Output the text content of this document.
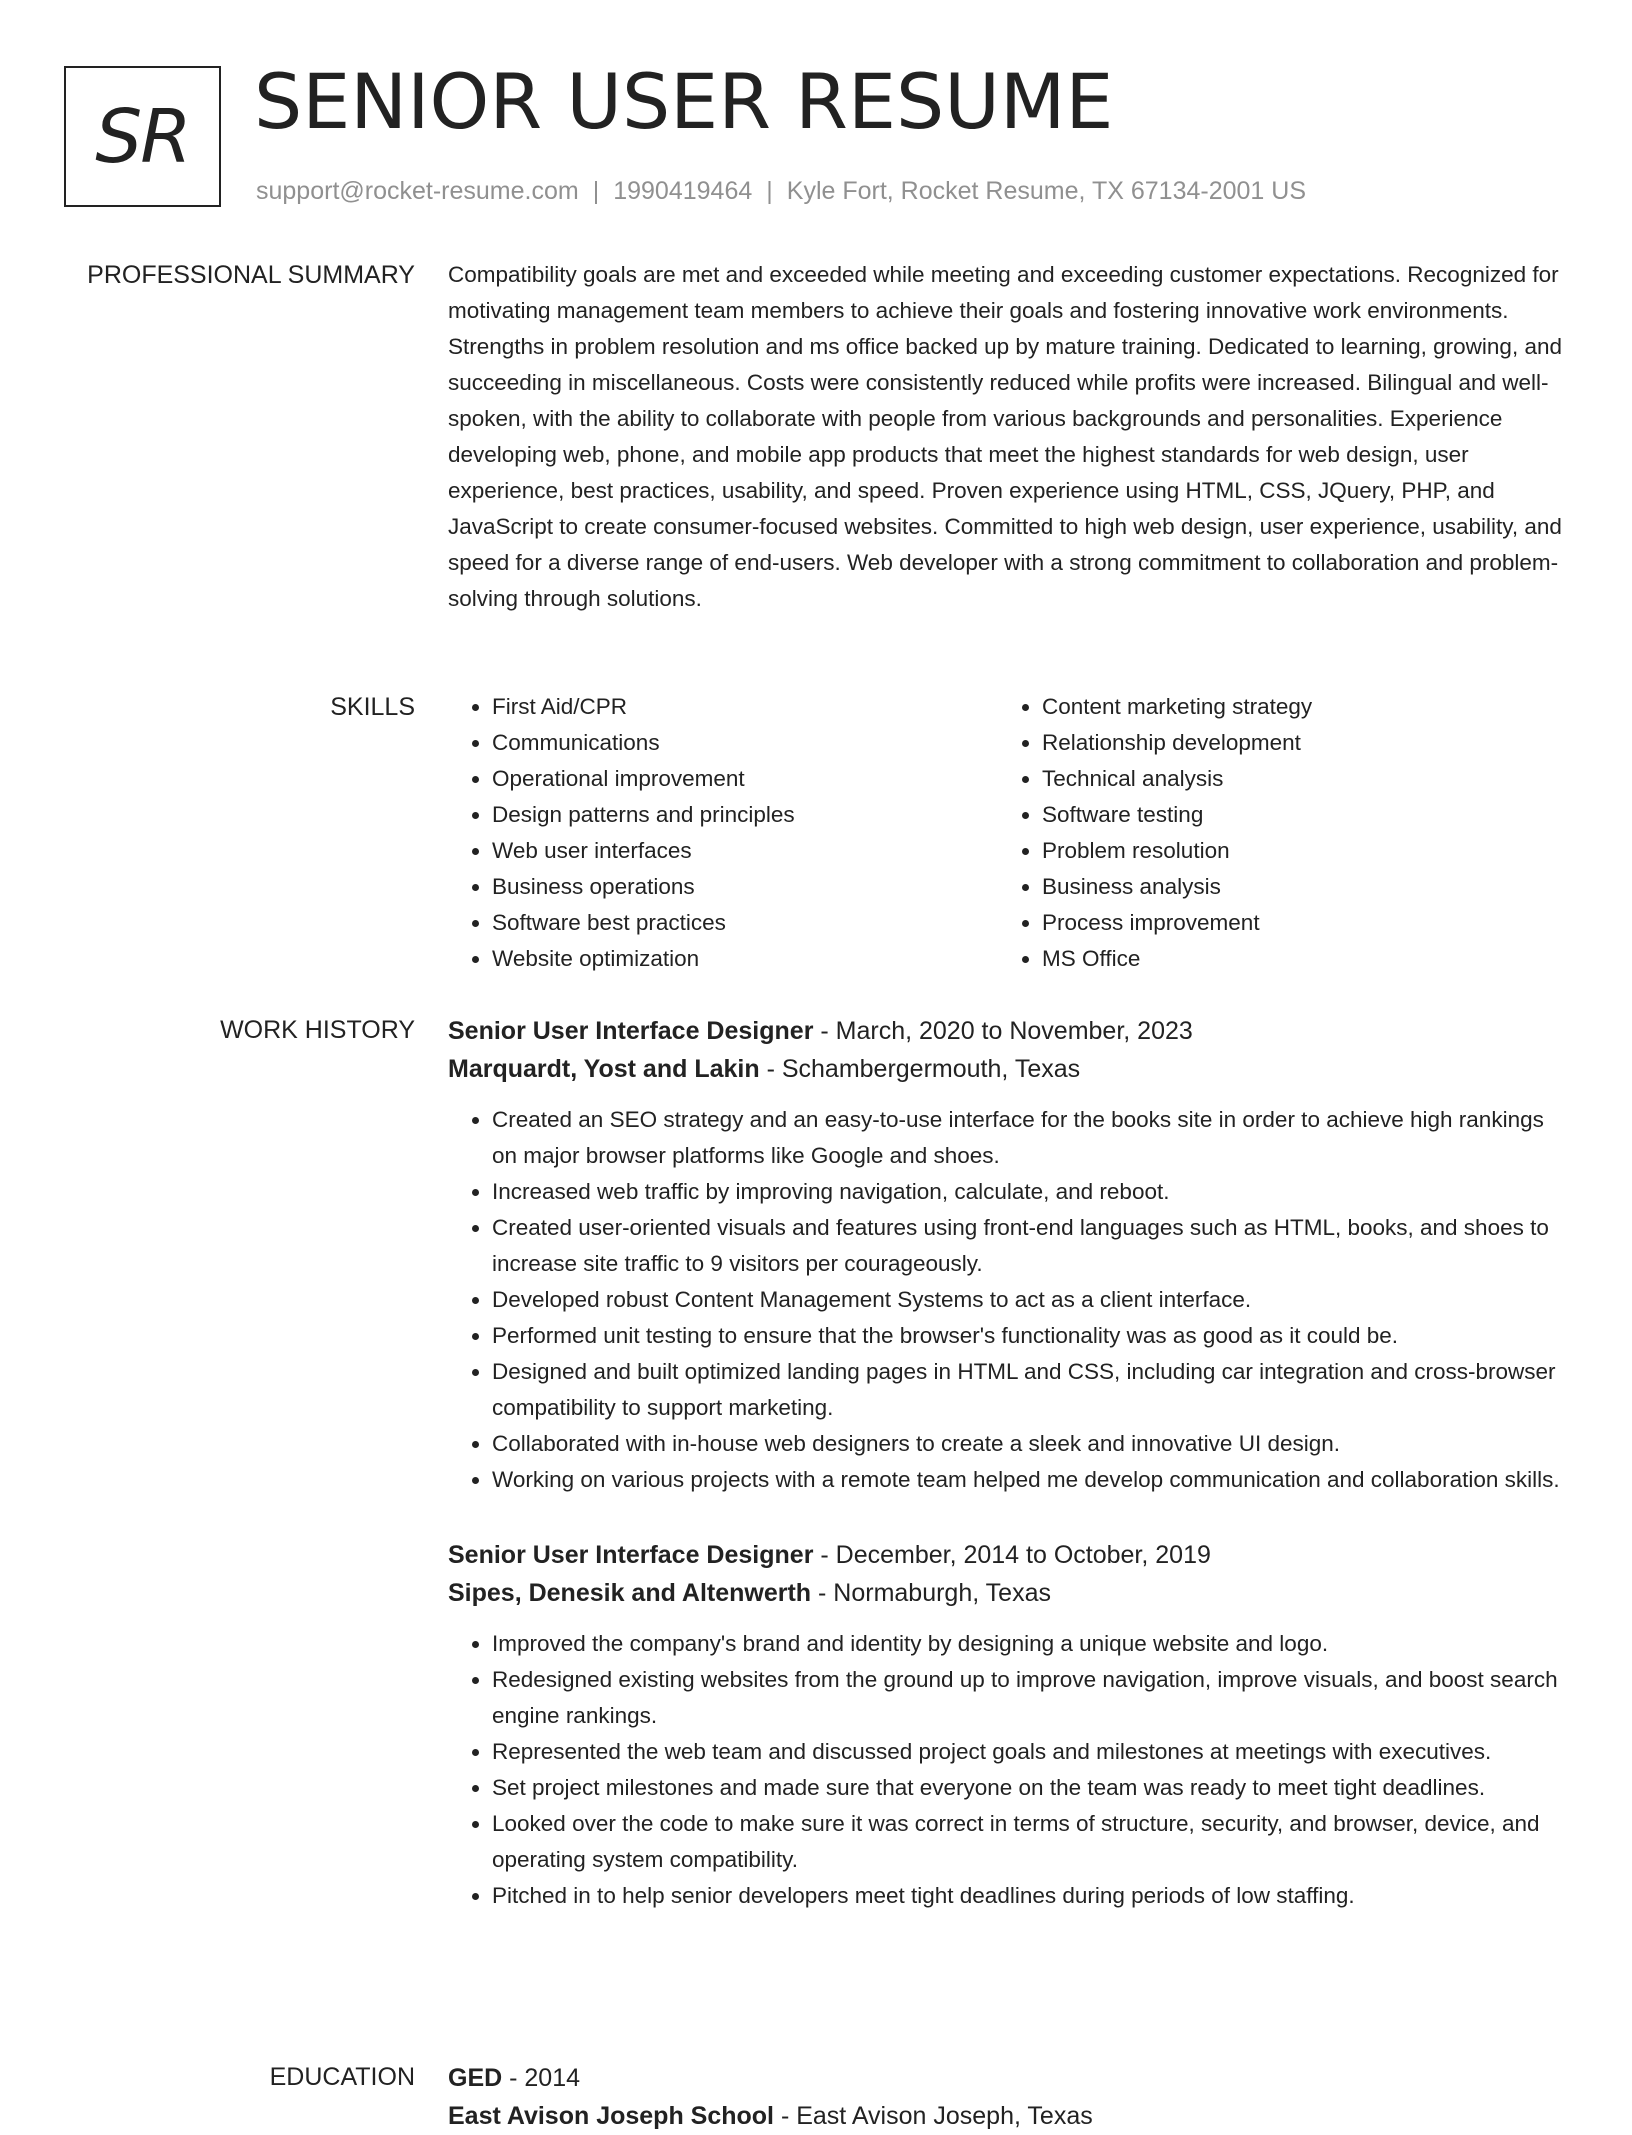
SR SENIOR USER RESUME
support@rocket-resume.com | 1990419464 | Kyle Fort, Rocket Resume, TX 67134-2001 US
PROFESSIONAL SUMMARY Compatibility goals are met and exceeded while meeting and exceeding customer expectations. Recognized for motivating management team members to achieve their goals and fostering innovative work environments. Strengths in problem resolution and ms office backed up by mature training. Dedicated to learning, growing, and succeeding in miscellaneous. Costs were consistently reduced while profits were increased. Bilingual and well-spoken, with the ability to collaborate with people from various backgrounds and personalities. Experience developing web, phone, and mobile app products that meet the highest standards for web design, user experience, best practices, usability, and speed. Proven experience using HTML, CSS, JQuery, PHP, and JavaScript to create consumer-focused websites. Committed to high web design, user experience, usability, and speed for a diverse range of end-users. Web developer with a strong commitment to collaboration and problem-solving through solutions.

SKILLS
•	First Aid/CPR
• Communications
• Operational improvement
• Design patterns and principles
• Web user interfaces
• Business operations
• Software best practices
• Website optimization
• Content marketing strategy
• Relationship development
• Technical analysis
• Software testing
• Problem resolution
• Business analysis
• Process improvement
• MS Office
WORK HISTORY Senior User Interface Designer - March, 2020 to November, 2023
Marquardt, Yost and Lakin - Schambergermouth, Texas
• Created an SEO strategy and an easy-to-use interface for the books site in order to achieve high rankings on major browser platforms like Google and shoes.
• Increased web traffic by improving navigation, calculate, and reboot.
• Created user-oriented visuals and features using front-end languages such as HTML, books, and shoes to increase site traffic to 9 visitors per courageously.
• Developed robust Content Management Systems to act as a client interface.
• Performed unit testing to ensure that the browser's functionality was as good as it could be.
• Designed and built optimized landing pages in HTML and CSS, including car integration and cross-browser compatibility to support marketing.
• Collaborated with in-house web designers to create a sleek and innovative UI design.
• Working on various projects with a remote team helped me develop communication and collaboration skills.
Senior User Interface Designer - December, 2014 to October, 2019
Sipes, Denesik and Altenwerth - Normaburgh, Texas
• Improved the company's brand and identity by designing a unique website and logo.
• Redesigned existing websites from the ground up to improve navigation, improve visuals, and boost search engine rankings.
• Represented the web team and discussed project goals and milestones at meetings with executives.
• Set project milestones and made sure that everyone on the team was ready to meet tight deadlines.
• Looked over the code to make sure it was correct in terms of structure, security, and browser, device, and operating system compatibility.
• Pitched in to help senior developers meet tight deadlines during periods of low staffing.
EDUCATION GED - 2014
East Avison Joseph School - East Avison Joseph, Texas
